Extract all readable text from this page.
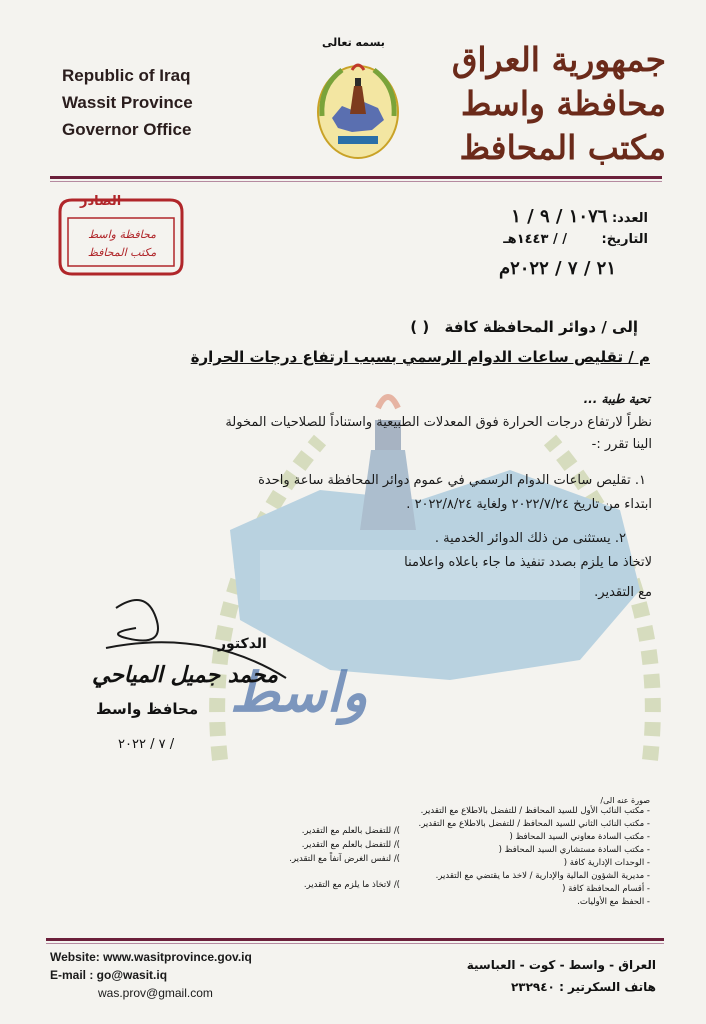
Republic of Iraq
Wassit Province
Governor Office
جمهورية العراق
محافظة واسط
مكتب المحافظ
بسمه تعالى
الصادر
محافظة واسط
مكتب المحافظ
العدد: ١٠٧٦ / ٩ / ١
التاريخ: / / ١٤٤٣هـ
٢١ / ٧ / ٢٠٢٢م
واسط
إلى / دوائر المحافظة كافة ( )
م / تقليص ساعات الدوام الرسمي بسبب ارتفاع درجات الحرارة
تحية طيبة ...
نظراً لارتفاع درجات الحرارة فوق المعدلات الطبيعية واستناداً للصلاحيات المخولة
الينا تقرر :-
١. تقليص ساعات الدوام الرسمي في عموم دوائر المحافظة ساعة واحدة
ابتداء من تاريخ ٢٠٢٢/٧/٢٤ ولغاية ٢٠٢٢/٨/٢٤ .
٢. يستثنى من ذلك الدوائر الخدمية .
لاتخاذ ما يلزم بصدد تنفيذ ما جاء باعلاه واعلامنا
مع التقدير.
الدكتور
محمد جميل المياحي
محافظ واسط
/ ٧ / ٢٠٢٢
صورة عنه الى/
- مكتب النائب الأول للسيد المحافظ / للتفضل بالاطلاع مع التقدير.
- مكتب النائب الثاني للسيد المحافظ / للتفضل بالاطلاع مع التقدير.
- مكتب السادة معاوني السيد المحافظ (
- مكتب السادة مستشاري السيد المحافظ (
- الوحدات الإدارية كافة (
- مديرية الشؤون المالية والإدارية / لاخذ ما يقتضي مع التقدير.
- أقسام المحافظة كافة (
- الحفظ مع الأوليات.
)/ للتفضل بالعلم مع التقدير.
)/ للتفضل بالعلم مع التقدير.
)/ لنفس الغرض آنفاً مع التقدير.
)/ لاتخاذ ما يلزم مع التقدير.
Website: www.wasitprovince.gov.iq
E-mail : go@wasit.iq
was.prov@gmail.com
العراق - واسط - كوت - العباسية
هاتف السكرتير : ٢٣٢٩٤٠
